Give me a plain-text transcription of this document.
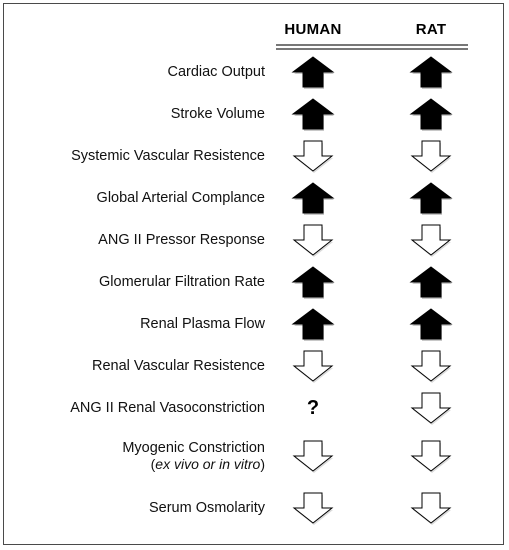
HUMAN	RAT
Cardiac Output
Stroke Volume
Systemic Vascular Resistence
Global Arterial Complance
ANG II Pressor Response
Glomerular Filtration Rate
Renal Plasma Flow
Renal Vascular Resistence
ANG II Renal Vasoconstriction ?
Myogenic Constriction
(ex vivo or in vitro)
Serum Osmolarity
